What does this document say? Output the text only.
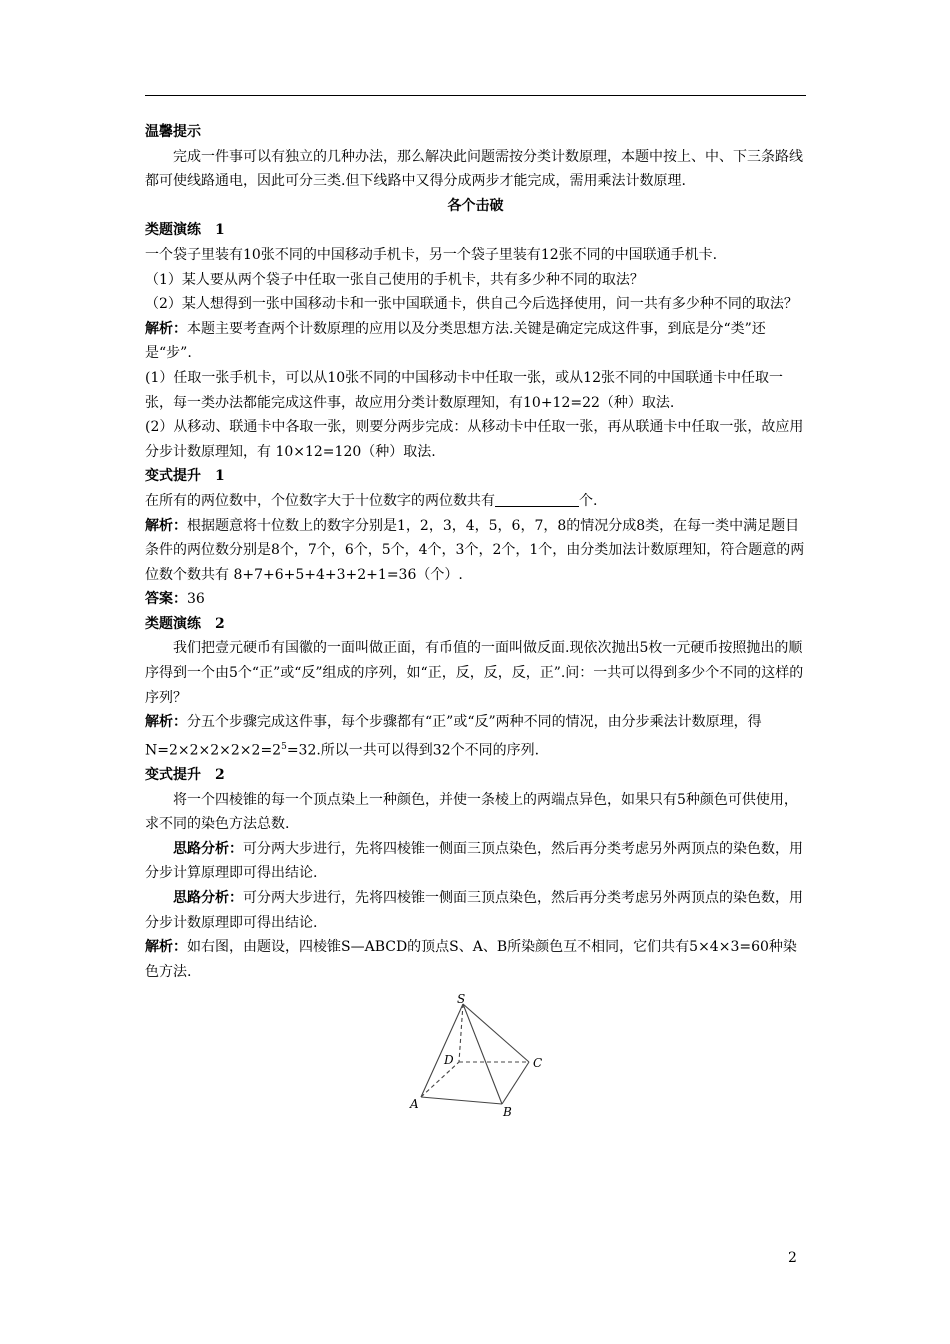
温馨提示

完成一件事可以有独立的几种办法，那么解决此问题需按分类计数原理，本题中按上、中、下三条路线都可使线路通电，因此可分三类.但下线路中又得分成两步才能完成，需用乘法计数原理.

各个击破

类题演练　1

一个袋子里装有10张不同的中国移动手机卡，另一个袋子里装有12张不同的中国联通手机卡.

（1）某人要从两个袋子中任取一张自己使用的手机卡，共有多少种不同的取法？

（2）某人想得到一张中国移动卡和一张中国联通卡，供自己今后选择使用，问一共有多少种不同的取法？

解析：本题主要考查两个计数原理的应用以及分类思想方法.关键是确定完成这件事，到底是分“类”还是“步”.

(1）任取一张手机卡，可以从10张不同的中国移动卡中任取一张，或从12张不同的中国联通卡中任取一张，每一类办法都能完成这件事，故应用分类计数原理知，有10+12=22（种）取法.

(2）从移动、联通卡中各取一张，则要分两步完成：从移动卡中任取一张，再从联通卡中任取一张，故应用分步计数原理知，有 10×12=120（种）取法.

变式提升　1

在所有的两位数中，个位数字大于十位数字的两位数共有	个.

解析：根据题意将十位数上的数字分别是1，2，3，4，5，6，7，8的情况分成8类，在每一类中满足题目条件的两位数分别是8个，7个，6个，5个，4个，3个，2个，1个，由分类加法计数原理知，符合题意的两位数个数共有 8+7+6+5+4+3+2+1=36（个）.

答案：36

类题演练　2

我们把壹元硬币有国徽的一面叫做正面，有币值的一面叫做反面.现依次抛出5枚一元硬币按照抛出的顺序得到一个由5个“正”或“反”组成的序列，如“正，反，反，反，正”.问：一共可以得到多少个不同的这样的序列？

解析：分五个步骤完成这件事，每个步骤都有“正”或“反”两种不同的情况，由分步乘法计数原理，得$N=2\times 2\times 2\times 2\times 2=2^5=32$.所以一共可以得到32个不同的序列.

变式提升　2

将一个四棱锥的每一个顶点染上一种颜色，并使一条棱上的两端点异色，如果只有5种颜色可供使用，求不同的染色方法总数.

思路分析：可分两大步进行，先将四棱锥一侧面三顶点染色，然后再分类考虑另外两顶点的染色数，用分步计算原理即可得出结论.

思路分析：可分两大步进行，先将四棱锥一侧面三顶点染色，然后再分类考虑另外两顶点的染色数，用分步计数原理即可得出结论.

解析：如右图，由题设，四棱锥S—ABCD的顶点S、A、B所染颜色互不相同，它们共有5×4×3=60种染色方法.

S
D	C
A
B
2
